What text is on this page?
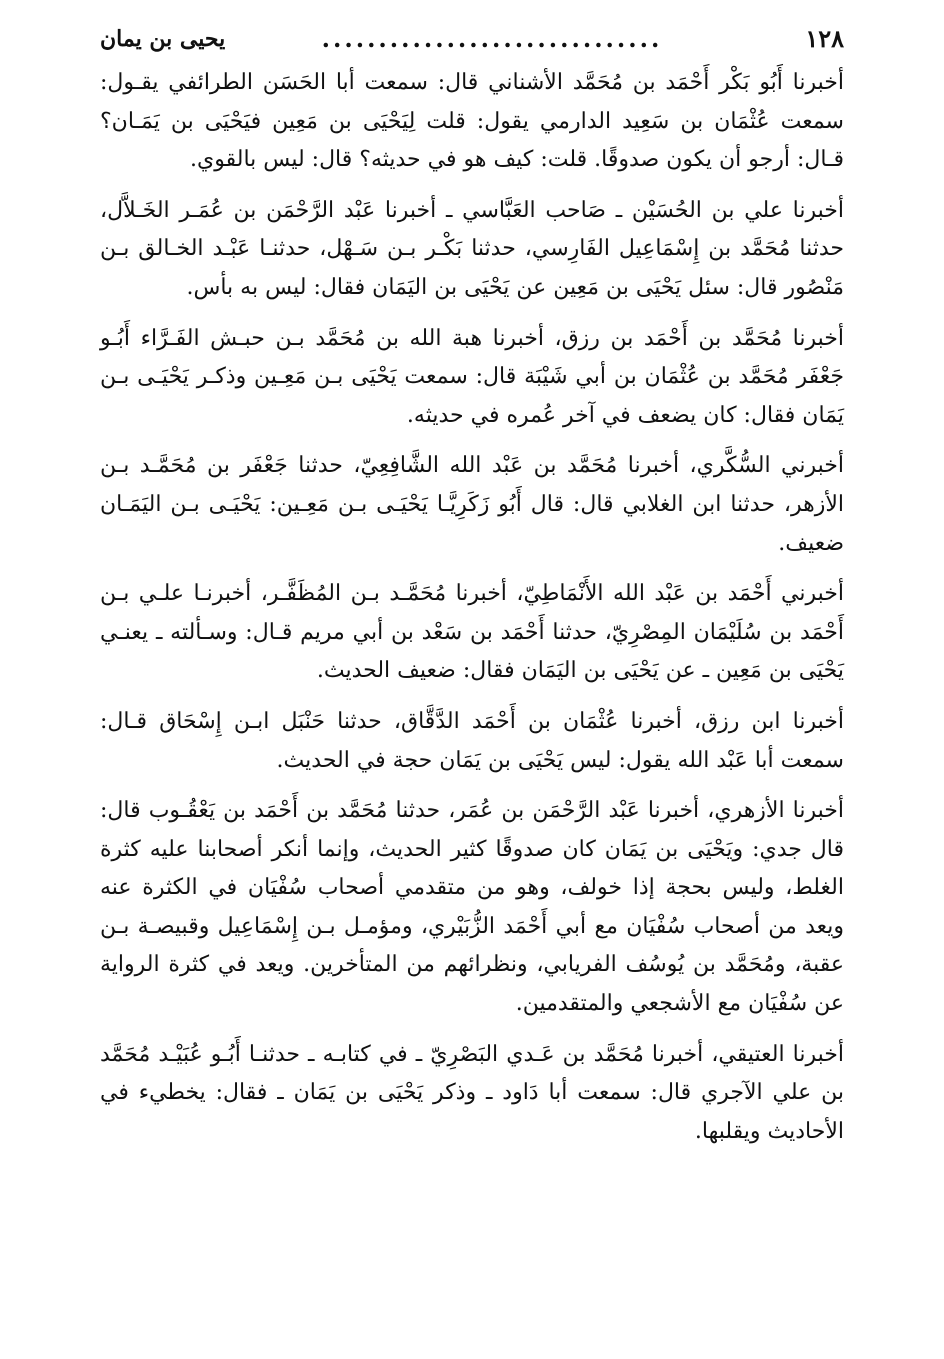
١٢٨
..............................
يحيى بن يمان

أخبرنا أَبُو بَكْر أَحْمَد بن مُحَمَّد الأشناني قال: سمعت أبا الحَسَن الطرائفي يقـول: سمعت عُثْمَان بن سَعِيد الدارمي يقول: قلت لِيَحْيَى بن مَعِين فيَحْيَى بن يَمَـان؟ قـال: أرجو أن يكون صدوقًا. قلت: كيف هو في حديثه؟ قال: ليس بالقوي.

أخبرنا علي بن الحُسَيْن ـ صَاحب العَبَّاسي ـ أخبرنا عَبْد الرَّحْمَن بن عُمَـر الخَـلاَّل، حدثنا مُحَمَّد بن إِسْمَاعِيل الفَارِسي، حدثنا بَكْـر بـن سَـهْل، حدثنـا عَبْـد الخـالق بـن مَنْصُور قال: سئل يَحْيَى بن مَعِين عن يَحْيَى بن اليَمَان فقال: ليس به بأس.

أخبرنا مُحَمَّد بن أَحْمَد بن رزق، أخبرنا هبة الله بن مُحَمَّد بـن حبـش الفَـرَّاء أَبُـو جَعْفَر مُحَمَّد بن عُثْمَان بن أبي شَيْبَة قال: سمعت يَحْيَى بـن مَعِـين وذكـر يَحْيَـى بـن يَمَان فقال: كان يضعف في آخر عُمره في حديثه.

أخبرني السُّكَّري، أخبرنا مُحَمَّد بن عَبْد الله الشَّافِعِيّ، حدثنا جَعْفَر بن مُحَمَّـد بـن الأزهر، حدثنا ابن الغلابي قال: قال أَبُو زَكَرِيَّـا يَحْيَـى بـن مَعِـين: يَحْيَـى بـن اليَمَـان ضعيف.

أخبرني أَحْمَد بن عَبْد الله الأَنْمَاطِيّ، أخبرنا مُحَمَّـد بـن المُظَفَّـر، أخبرنـا علـي بـن أَحْمَد بن سُلَيْمَان المِصْرِيّ، حدثنا أَحْمَد بن سَعْد بن أبي مريم قـال: وسـألته ـ يعنـي يَحْيَى بن مَعِين ـ عن يَحْيَى بن اليَمَان فقال: ضعيف الحديث.

أخبرنا ابن رزق، أخبرنا عُثْمَان بن أَحْمَد الدَّقَّاق، حدثنا حَنْبَل ابـن إِسْحَاق قـال: سمعت أبا عَبْد الله يقول: ليس يَحْيَى بن يَمَان حجة في الحديث.

أخبرنا الأزهري، أخبرنا عَبْد الرَّحْمَن بن عُمَر، حدثنا مُحَمَّد بن أَحْمَد بن يَعْقُـوب قال: قال جدي: ويَحْيَى بن يَمَان كان صدوقًا كثير الحديث، وإنما أنكر أصحابنا عليه كثرة الغلط، وليس بحجة إذا خولف، وهو من متقدمي أصحاب سُفْيَان في الكثرة عنه ويعد من أصحاب سُفْيَان مع أبي أَحْمَد الزُّبَيْري، ومؤمـل بـن إِسْمَاعِيل وقبيصـة بـن عقبة، ومُحَمَّد بن يُوسُف الفريابي، ونظرائهم من المتأخرين. ويعد في كثرة الرواية عن سُفْيَان مع الأشجعي والمتقدمين.

أخبرنا العتيقي، أخبرنا مُحَمَّد بن عَـدي البَصْرِيّ ـ في كتابـه ـ حدثنـا أَبُـو عُبَيْـد مُحَمَّد بن علي الآجري قال: سمعت أبا دَاود ـ وذكر يَحْيَى بن يَمَان ـ فقال: يخطيء في الأحاديث ويقلبها.
